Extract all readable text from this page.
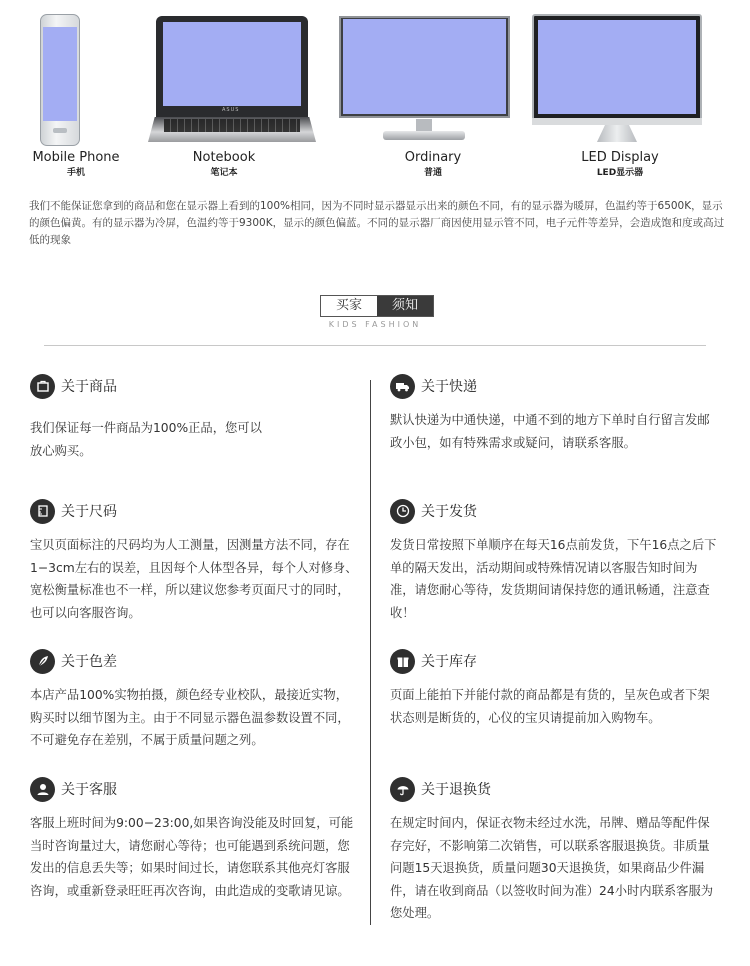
Mobile Phone
手机
ASUS
Notebook
笔记本
Ordinary
普通
LED Display
LED显示器

我们不能保证您拿到的商品和您在显示器上看到的100%相同，因为不同时显示器显示出来的颜色不同，有的显示器为暖屏，色温约等于6500K，显示的颜色偏黄。有的显示器为冷屏，色温约等于9300K，显示的颜色偏蓝。不同的显示器厂商因使用显示管不同，电子元件等差异，会造成饱和度或高过低的现象

买家	须知
KIDS FASHION
关于商品
我们保证每一件商品为100%正品，您可以放心购买。
关于尺码
宝贝页面标注的尺码均为人工测量，因测量方法不同，存在1−3cm左右的误差，且因每个人体型各异，每个人对修身、宽松衡量标准也不一样，所以建议您参考页面尺寸的同时，也可以向客服咨询。
关于色差
本店产品100%实物拍摄，颜色经专业校队，最接近实物，购买时以细节图为主。由于不同显示器色温参数设置不同，不可避免存在差别，不属于质量问题之列。
关于客服
客服上班时间为9:00−23:00,如果咨询没能及时回复，可能当时咨询量过大，请您耐心等待；也可能遇到系统问题，您发出的信息丢失等；如果时间过长，请您联系其他亮灯客服咨询，或重新登录旺旺再次咨询，由此造成的变歌请见谅。
关于快递
默认快递为中通快递，中通不到的地方下单时自行留言发邮政小包，如有特殊需求或疑问，请联系客服。
关于发货
发货日常按照下单顺序在每天16点前发货，下午16点之后下单的隔天发出，活动期间或特殊情况请以客服告知时间为准，请您耐心等待，发货期间请保持您的通讯畅通，注意查收！
关于库存
页面上能拍下并能付款的商品都是有货的，呈灰色或者下架状态则是断货的，心仪的宝贝请提前加入购物车。
关于退换货
在规定时间内，保证衣物未经过水洗，吊牌、赠品等配件保存完好，不影响第二次销售，可以联系客服退换货。非质量问题15天退换货，质量问题30天退换货，如果商品少件漏件，请在收到商品（以签收时间为准）24小时内联系客服为您处理。
